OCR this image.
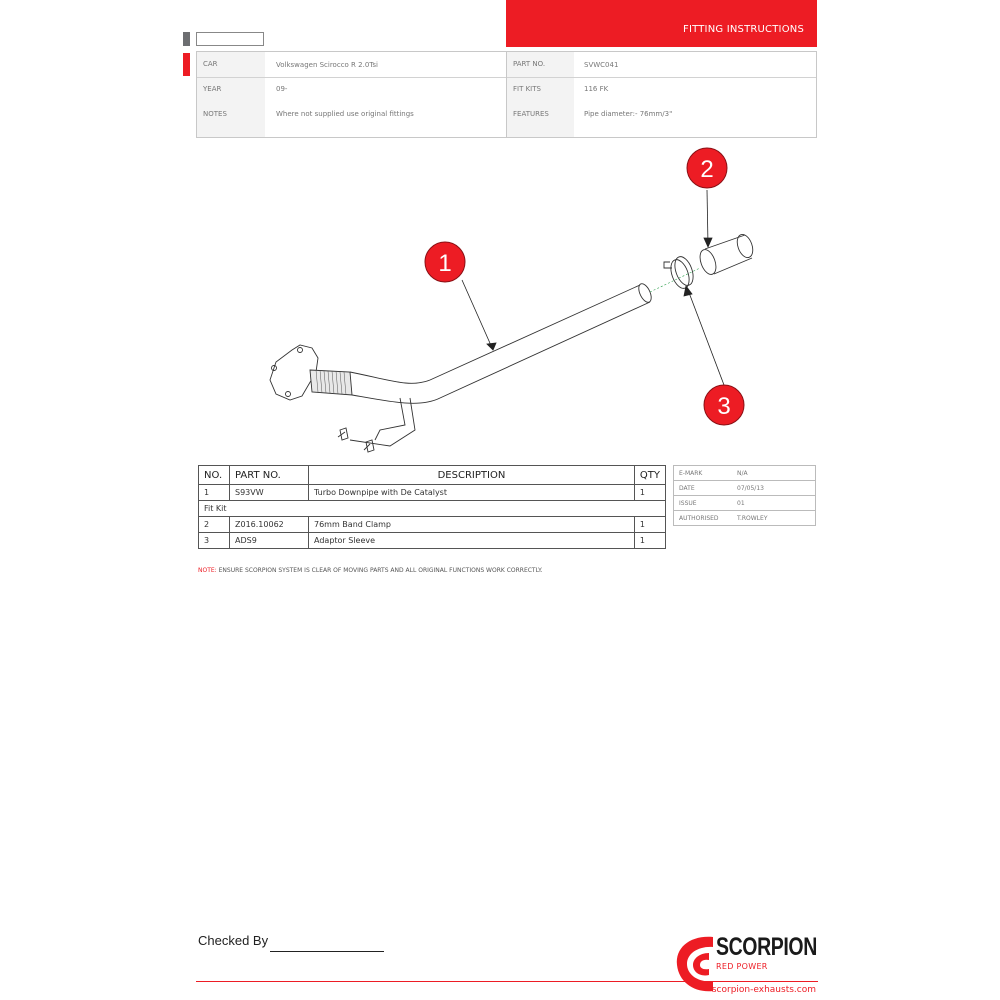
FITTING INSTRUCTIONS
CAR	Volkswagen Scirocco R 2.0Tsi
YEAR	09-
NOTES	Where not supplied use original fittings
PART NO.	SVWC041
FIT KITS	116 FK
FEATURES	Pipe diameter:- 76mm/3"
1
2
3
NO.	PART NO.	DESCRIPTION	QTY
1	S93VW	Turbo Downpipe with De Catalyst	1
Fit Kit			
2	Z016.10062	76mm Band Clamp	1
3	ADS9	Adaptor Sleeve	1
E-MARK	N/A
DATE	07/05/13
ISSUE	01
AUTHORISED	T.ROWLEY
NOTE: ENSURE SCORPION SYSTEM IS CLEAR OF MOVING PARTS AND ALL ORIGINAL FUNCTIONS WORK CORRECTLY.
Checked By	SCORPION
RED POWER
scorpion-exhausts.com
